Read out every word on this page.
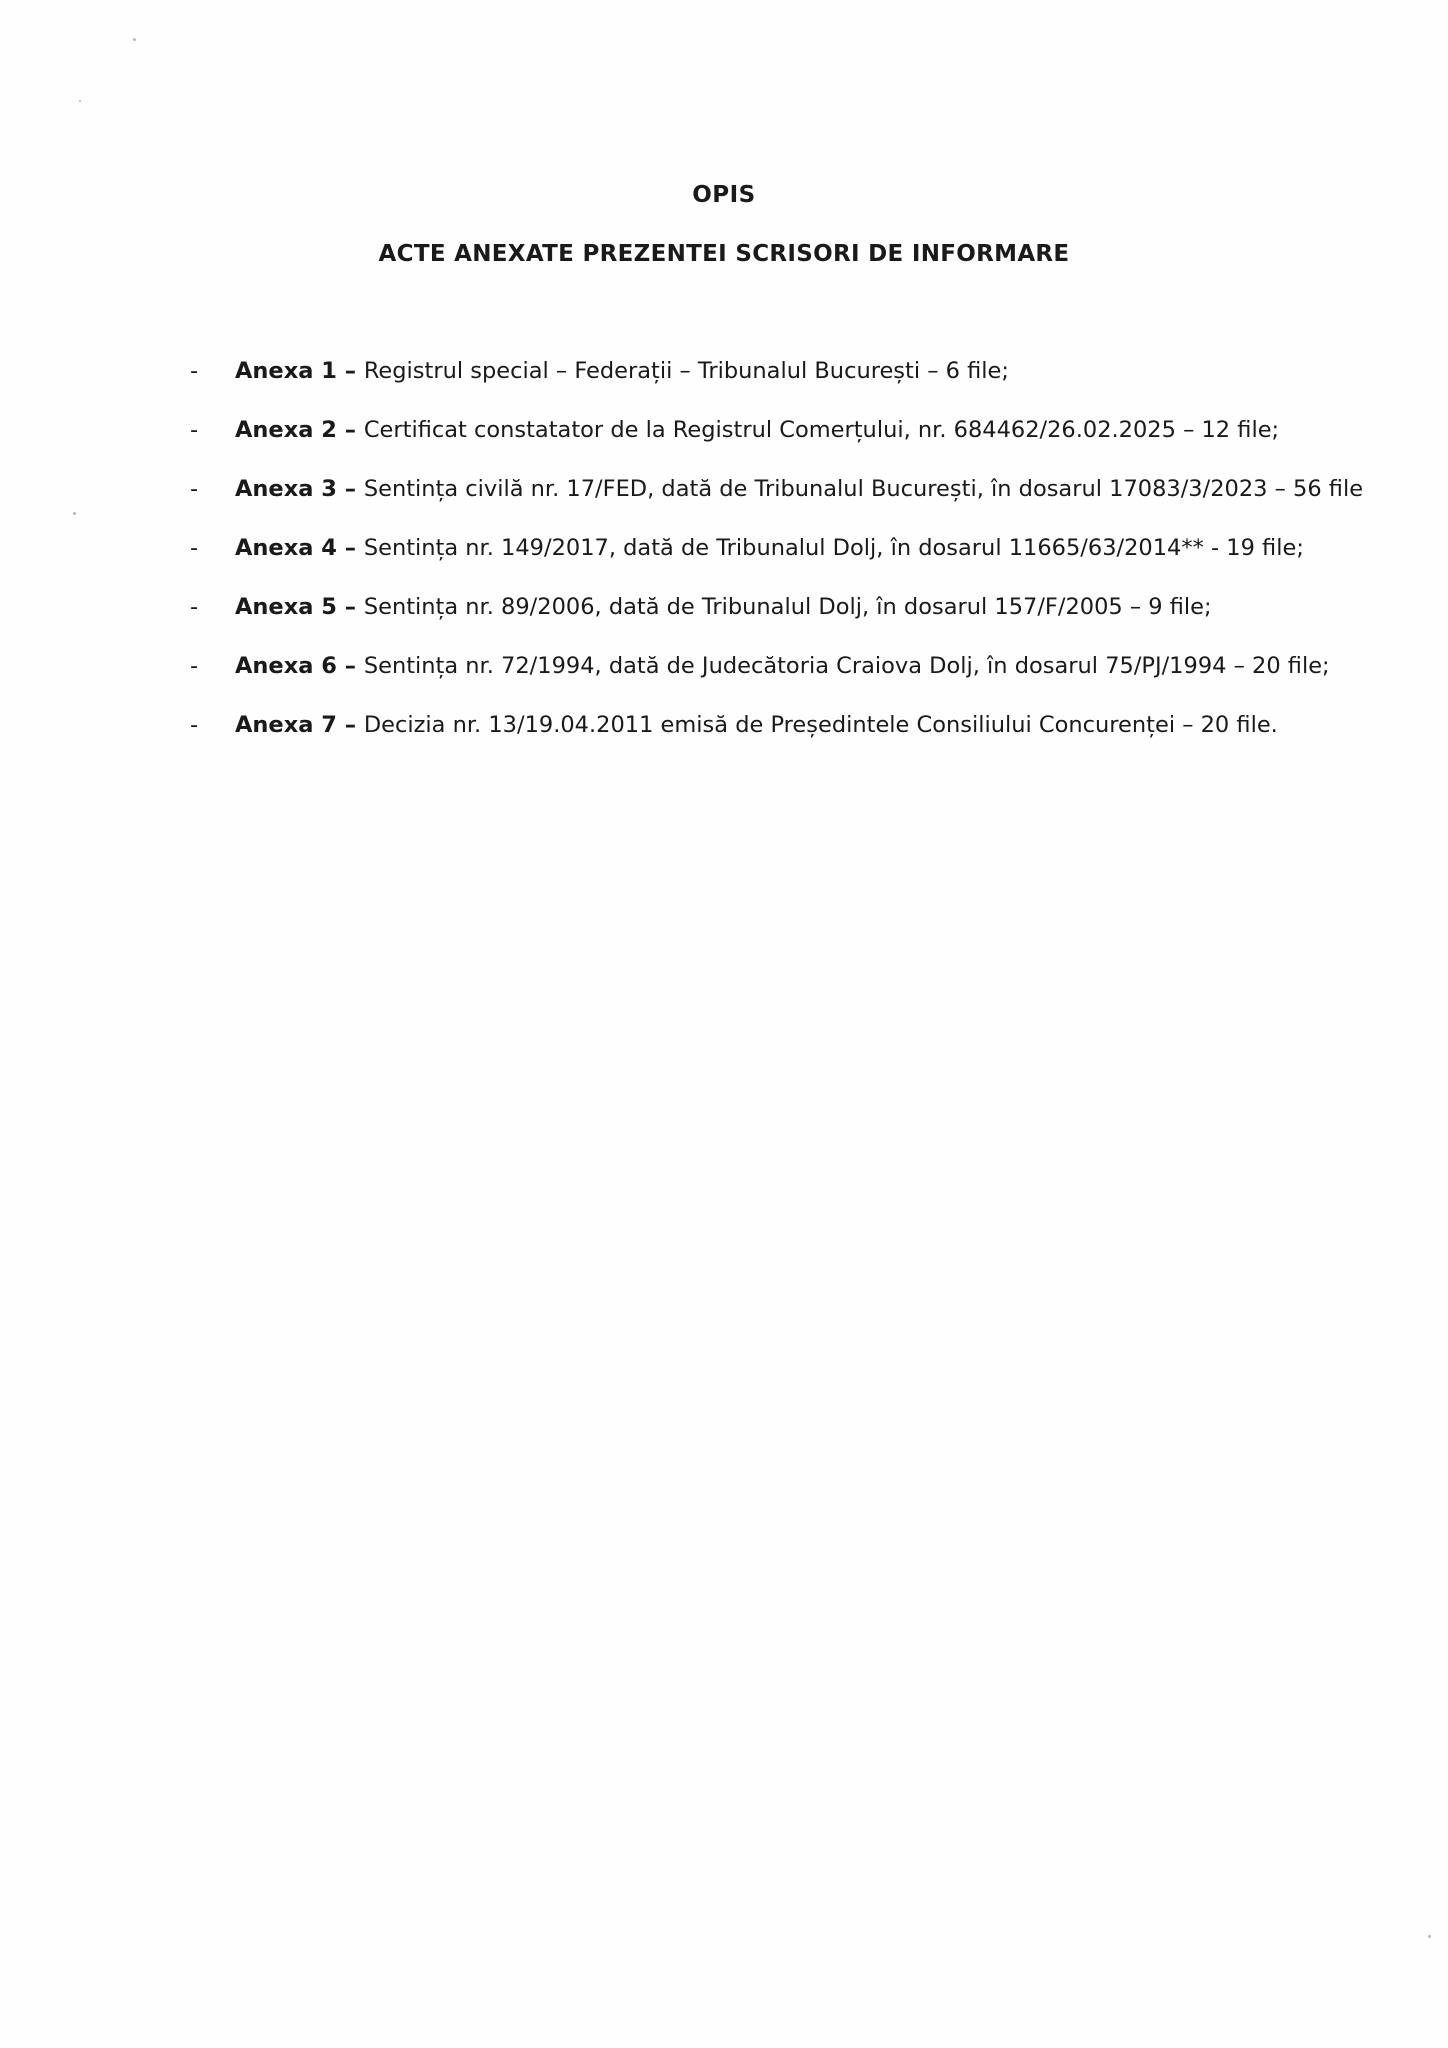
OPIS
ACTE ANEXATE PREZENTEI SCRISORI DE INFORMARE
-	Anexa 1 – Registrul special – Federații – Tribunalul București – 6 file;
-	Anexa 2 – Certificat constatator de la Registrul Comerțului, nr. 684462/26.02.2025 – 12 file;
-	Anexa 3 – Sentința civilă nr. 17/FED, dată de Tribunalul București, în dosarul 17083/3/2023 – 56 file
-	Anexa 4 – Sentința nr. 149/2017, dată de Tribunalul Dolj, în dosarul 11665/63/2014** - 19 file;
-	Anexa 5 – Sentința nr. 89/2006, dată de Tribunalul Dolj, în dosarul 157/F/2005 – 9 file;
-	Anexa 6 – Sentința nr. 72/1994, dată de Judecătoria Craiova Dolj, în dosarul 75/PJ/1994 – 20 file;
-	Anexa 7 – Decizia nr. 13/19.04.2011 emisă de Președintele Consiliului Concurenței – 20 file.
